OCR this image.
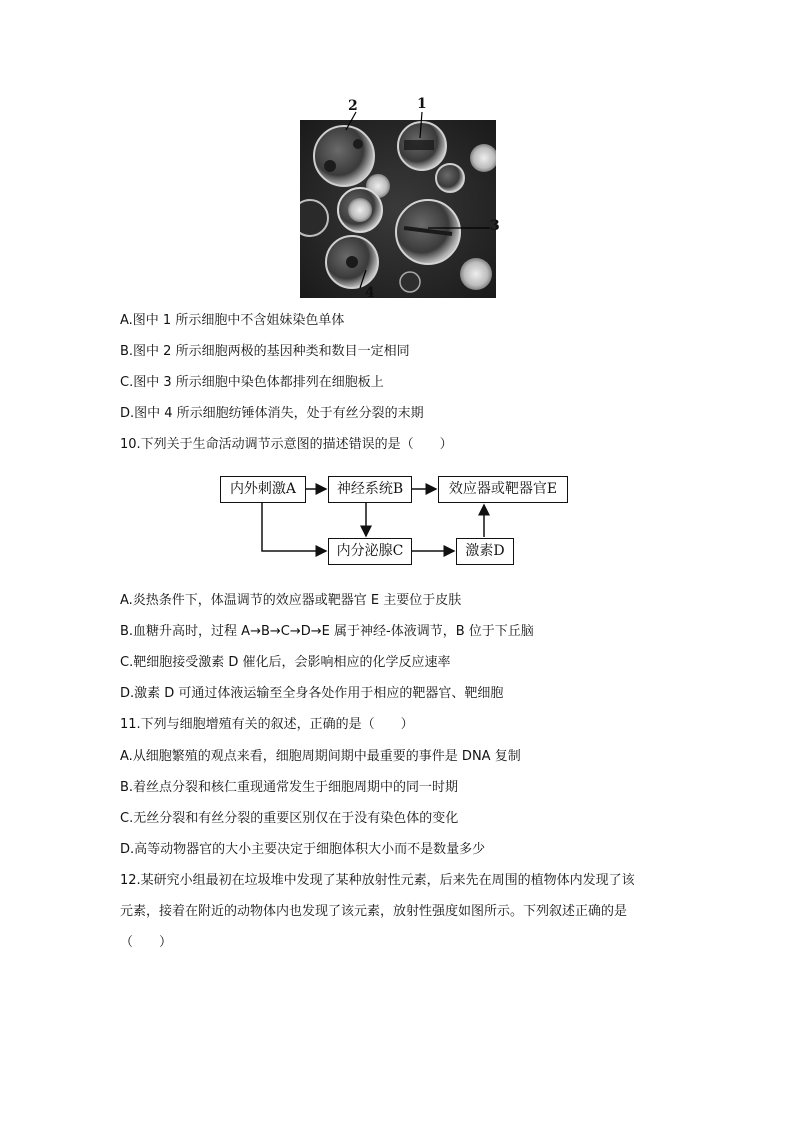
1
2
3
4
A.图中 1 所示细胞中不含姐妹染色单体
B.图中 2 所示细胞两极的基因种类和数目一定相同
C.图中 3 所示细胞中染色体都排列在细胞板上
D.图中 4 所示细胞纺锤体消失，处于有丝分裂的末期
10.下列关于生命活动调节示意图的描述错误的是（　　）
内外刺激A	神经系统B	效应器或靶器官E
内分泌腺C	激素D
A.炎热条件下，体温调节的效应器或靶器官 E 主要位于皮肤
B.血糖升高时，过程 A→B→C→D→E 属于神经-体液调节，B 位于下丘脑
C.靶细胞接受激素 D 催化后，会影响相应的化学反应速率
D.激素 D 可通过体液运输至全身各处作用于相应的靶器官、靶细胞
11.下列与细胞增殖有关的叙述，正确的是（　　）
A.从细胞繁殖的观点来看，细胞周期间期中最重要的事件是 DNA 复制
B.着丝点分裂和核仁重现通常发生于细胞周期中的同一时期
C.无丝分裂和有丝分裂的重要区别仅在于没有染色体的变化
D.高等动物器官的大小主要决定于细胞体积大小而不是数量多少
12.某研究小组最初在垃圾堆中发现了某种放射性元素，后来先在周围的植物体内发现了该
元素，接着在附近的动物体内也发现了该元素，放射性强度如图所示。下列叙述正确的是
（　　）
